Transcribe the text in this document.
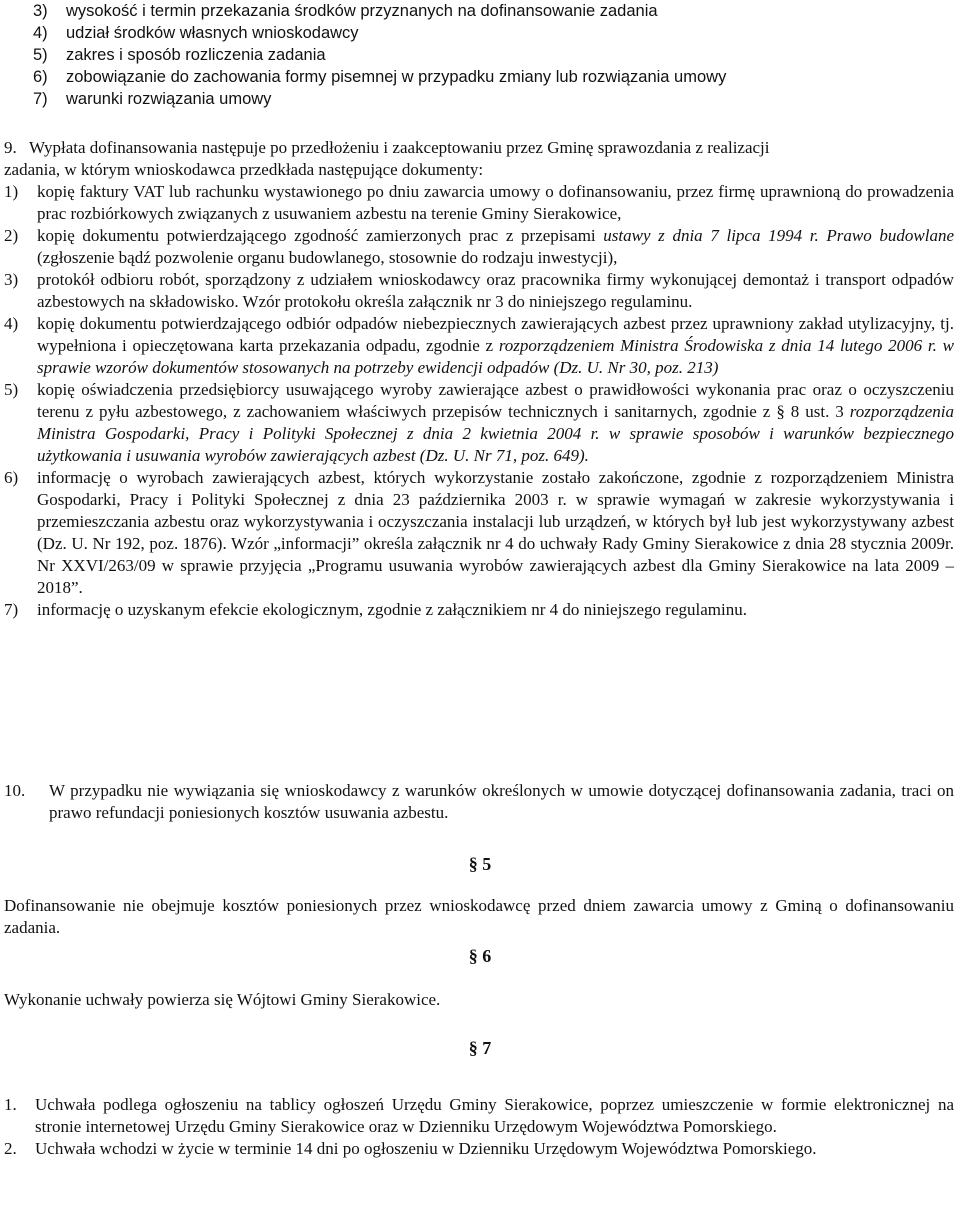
3)	wysokość i termin przekazania środków przyznanych na dofinansowanie zadania
4)	udział środków własnych wnioskodawcy
5)	zakres i sposób rozliczenia zadania
6)	zobowiązanie do zachowania formy pisemnej w przypadku zmiany lub rozwiązania umowy
7)	warunki rozwiązania umowy
9. Wypłata dofinansowania następuje po przedłożeniu i zaakceptowaniu przez Gminę sprawozdania z realizacji
zadania, w którym wnioskodawca przedkłada następujące dokumenty:
1)	kopię faktury VAT lub rachunku wystawionego po dniu zawarcia umowy o dofinansowaniu, przez firmę uprawnioną do prowadzenia prac rozbiórkowych związanych z usuwaniem azbestu na terenie Gminy Sierakowice,
2)	kopię dokumentu potwierdzającego zgodność zamierzonych prac z przepisami ustawy z dnia 7 lipca 1994 r. Prawo budowlane (zgłoszenie bądź pozwolenie organu budowlanego, stosownie do rodzaju inwestycji),
3)	protokół odbioru robót, sporządzony z udziałem wnioskodawcy oraz pracownika firmy wykonującej demontaż i transport odpadów azbestowych na składowisko. Wzór protokołu określa załącznik nr 3 do niniejszego regulaminu.
4)	kopię dokumentu potwierdzającego odbiór odpadów niebezpiecznych zawierających azbest przez uprawniony zakład utylizacyjny, tj. wypełniona i opieczętowana karta przekazania odpadu, zgodnie z rozporządzeniem Ministra Środowiska z dnia 14 lutego 2006 r. w sprawie wzorów dokumentów stosowanych na potrzeby ewidencji odpadów (Dz. U. Nr 30, poz. 213)
5)	kopię oświadczenia przedsiębiorcy usuwającego wyroby zawierające azbest o prawidłowości wykonania prac oraz o oczyszczeniu terenu z pyłu azbestowego, z zachowaniem właściwych przepisów technicznych i sanitarnych, zgodnie z § 8 ust. 3 rozporządzenia Ministra Gospodarki, Pracy i Polityki Społecznej z dnia 2 kwietnia 2004 r. w sprawie sposobów i warunków bezpiecznego użytkowania i usuwania wyrobów zawierających azbest (Dz. U. Nr 71, poz. 649).
6)	informację o wyrobach zawierających azbest, których wykorzystanie zostało zakończone, zgodnie z rozporządzeniem Ministra Gospodarki, Pracy i Polityki Społecznej z dnia 23 października 2003 r. w sprawie wymagań w zakresie wykorzystywania i przemieszczania azbestu oraz wykorzystywania i oczyszczania instalacji lub urządzeń, w których był lub jest wykorzystywany azbest (Dz. U. Nr 192, poz. 1876). Wzór „informacji” określa załącznik nr 4 do uchwały Rady Gminy Sierakowice z dnia 28 stycznia 2009r. Nr XXVI/263/09 w sprawie przyjęcia „Programu usuwania wyrobów zawierających azbest dla Gminy Sierakowice na lata 2009 – 2018”.
7)	informację o uzyskanym efekcie ekologicznym, zgodnie z załącznikiem nr 4 do niniejszego regulaminu.
10.	W przypadku nie wywiązania się wnioskodawcy z warunków określonych w umowie dotyczącej dofinansowania zadania, traci on prawo refundacji poniesionych kosztów usuwania azbestu.
§ 5
Dofinansowanie nie obejmuje kosztów poniesionych przez wnioskodawcę przed dniem zawarcia umowy z Gminą o dofinansowaniu zadania.
§ 6
Wykonanie uchwały powierza się Wójtowi Gminy Sierakowice.
§ 7
1.	Uchwała podlega ogłoszeniu na tablicy ogłoszeń Urzędu Gminy Sierakowice, poprzez umieszczenie w formie elektronicznej na stronie internetowej Urzędu Gminy Sierakowice oraz w Dzienniku Urzędowym Województwa Pomorskiego.
2.	Uchwała wchodzi w życie w terminie 14 dni po ogłoszeniu w Dzienniku Urzędowym Województwa Pomorskiego.
